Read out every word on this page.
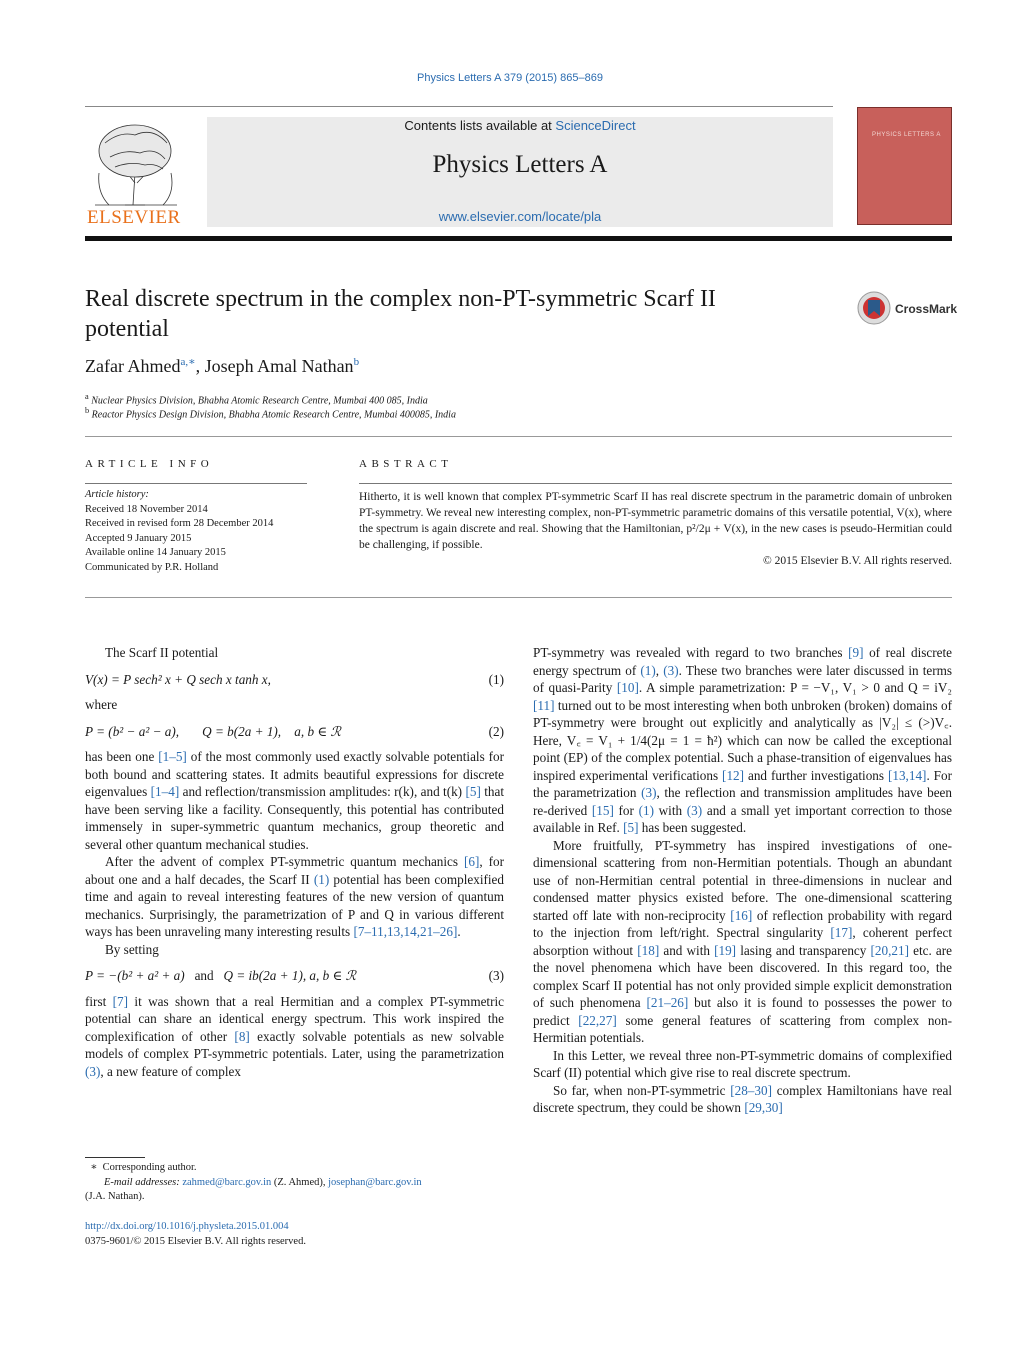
Physics Letters A 379 (2015) 865–869
ELSEVIER
Contents lists available at ScienceDirect
Physics Letters A
www.elsevier.com/locate/pla
PHYSICS LETTERS A
Real discrete spectrum in the complex non-PT-symmetric Scarf II potential
CrossMark
Zafar Ahmed$^{a,∗}$, Joseph Amal Nathan$^b$
$^a$ Nuclear Physics Division, Bhabha Atomic Research Centre, Mumbai 400 085, India
$^b$ Reactor Physics Design Division, Bhabha Atomic Research Centre, Mumbai 400085, India
ARTICLE INFO	ABSTRACT
Article history:
Received 18 November 2014
Received in revised form 28 December 2014
Accepted 9 January 2015
Available online 14 January 2015
Communicated by P.R. Holland
Hitherto, it is well known that complex PT-symmetric Scarf II has real discrete spectrum in the parametric domain of unbroken PT-symmetry. We reveal new interesting complex, non-PT-symmetric parametric domains of this versatile potential, V(x), where the spectrum is again discrete and real. Showing that the Hamiltonian, p²/2μ + V(x), in the new cases is pseudo-Hermitian could be challenging, if possible.
© 2015 Elsevier B.V. All rights reserved.

The Scarf II potential

V(x) = P sech² x + Q sech x tanh x,	(1)

where

P = (b² − a² − a),       Q = b(2a + 1),    a, b ∈ ℛ	(2)

has been one [1–5] of the most commonly used exactly solvable potentials for both bound and scattering states. It admits beautiful expressions for discrete eigenvalues [1–4] and reflection/transmission amplitudes: r(k), and t(k) [5] that have been serving like a facility. Consequently, this potential has contributed immensely in super-symmetric quantum mechanics, group theoretic and several other quantum mechanical studies.

After the advent of complex PT-symmetric quantum mechanics [6], for about one and a half decades, the Scarf II (1) potential has been complexified time and again to reveal interesting features of the new version of quantum mechanics. Surprisingly, the parametrization of P and Q in various different ways has been unraveling many interesting results [7–11,13,14,21–26].

By setting

P = −(b² + a² + a) and Q = ib(2a + 1), a, b ∈ ℛ	(3)

first [7] it was shown that a real Hermitian and a complex PT-symmetric potential can share an identical energy spectrum. This work inspired the complexification of other [8] exactly solvable potentials as new solvable models of complex PT-symmetric potentials. Later, using the parametrization (3), a new feature of complex

PT-symmetry was revealed with regard to two branches [9] of real discrete energy spectrum of (1), (3). These two branches were later discussed in terms of quasi-Parity [10]. A simple parametrization: P = −V₁, V₁ > 0 and Q = iV₂ [11] turned out to be most interesting when both unbroken (broken) domains of PT-symmetry were brought out explicitly and analytically as |V₂| ≤ (>)V꜀. Here, V꜀ = V₁ + 1/4(2μ = 1 = ħ²) which can now be called the exceptional point (EP) of the complex potential. Such a phase-transition of eigenvalues has inspired experimental verifications [12] and further investigations [13,14]. For the parametrization (3), the reflection and transmission amplitudes have been re-derived [15] for (1) with (3) and a small yet important correction to those available in Ref. [5] has been suggested.

More fruitfully, PT-symmetry has inspired investigations of one-dimensional scattering from non-Hermitian potentials. Though an abundant use of non-Hermitian central potential in three-dimensions in nuclear and condensed matter physics existed before. The one-dimensional scattering started off late with non-reciprocity [16] of reflection probability with regard to the injection from left/right. Spectral singularity [17], coherent perfect absorption without [18] and with [19] lasing and transparency [20,21] etc. are the novel phenomena which have been discovered. In this regard too, the complex Scarf II potential has not only provided simple explicit demonstration of such phenomena [21–26] but also it is found to possesses the power to predict [22,27] some general features of scattering from complex non-Hermitian potentials.

In this Letter, we reveal three non-PT-symmetric domains of complexified Scarf (II) potential which give rise to real discrete spectrum.

So far, when non-PT-symmetric [28–30] complex Hamiltonians have real discrete spectrum, they could be shown [29,30]

∗ Corresponding author.
E-mail addresses: zahmed@barc.gov.in (Z. Ahmed), josephan@barc.gov.in
(J.A. Nathan).
http://dx.doi.org/10.1016/j.physleta.2015.01.004
0375-9601/© 2015 Elsevier B.V. All rights reserved.
